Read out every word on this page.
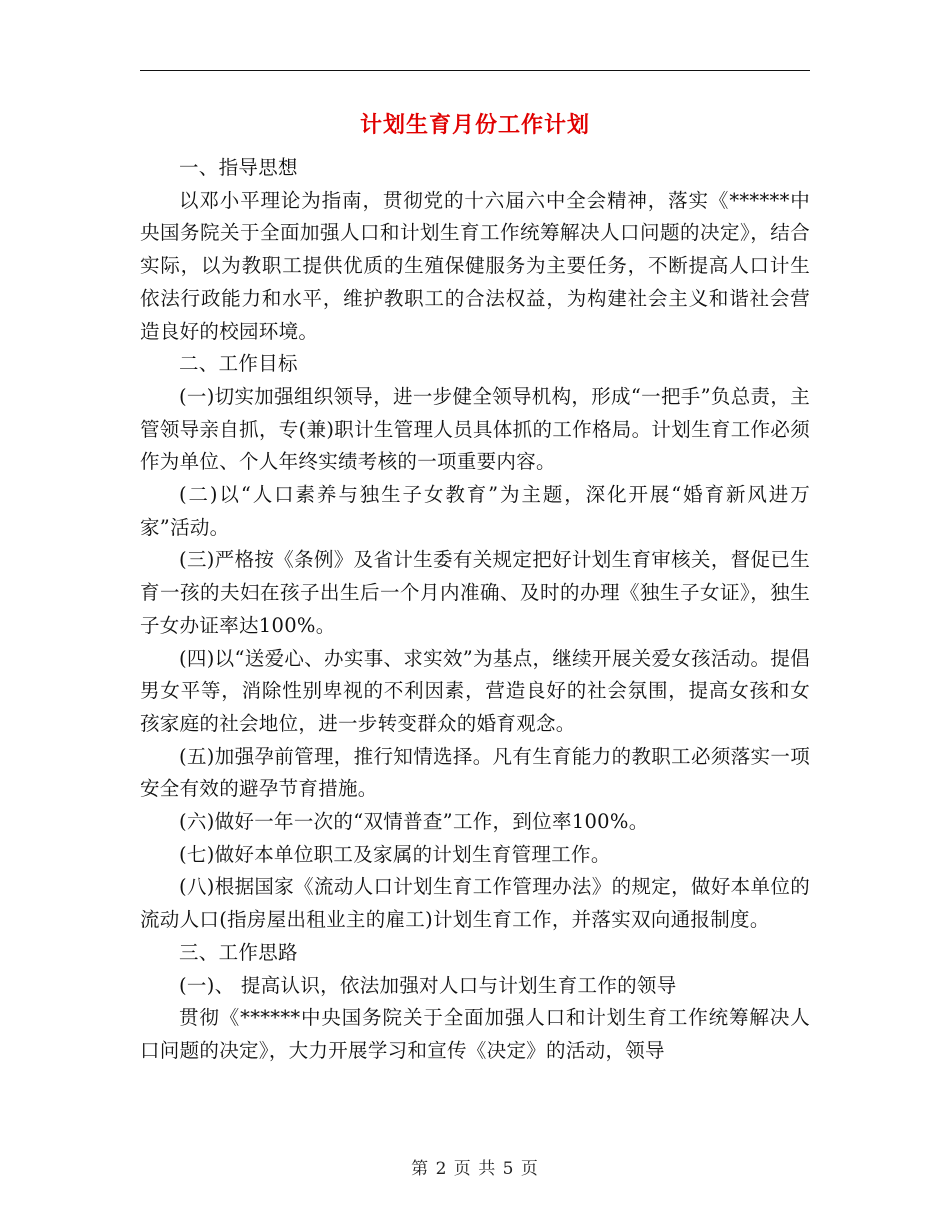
计划生育月份工作计划

一、指导思想

以邓小平理论为指南，贯彻党的十六届六中全会精神，落实《******中央国务院关于全面加强人口和计划生育工作统筹解决人口问题的决定》，结合实际，以为教职工提供优质的生殖保健服务为主要任务，不断提高人口计生依法行政能力和水平，维护教职工的合法权益，为构建社会主义和谐社会营造良好的校园环境。

二、工作目标

(一)切实加强组织领导，进一步健全领导机构，形成“一把手”负总责，主管领导亲自抓，专(兼)职计生管理人员具体抓的工作格局。计划生育工作必须作为单位、个人年终实绩考核的一项重要内容。

(二)以“人口素养与独生子女教育”为主题，深化开展“婚育新风进万家”活动。

(三)严格按《条例》及省计生委有关规定把好计划生育审核关，督促已生育一孩的夫妇在孩子出生后一个月内准确、及时的办理《独生子女证》，独生子女办证率达100%。

(四)以“送爱心、办实事、求实效”为基点，继续开展关爱女孩活动。提倡男女平等，消除性别卑视的不利因素，营造良好的社会氛围，提高女孩和女孩家庭的社会地位，进一步转变群众的婚育观念。

(五)加强孕前管理，推行知情选择。凡有生育能力的教职工必须落实一项安全有效的避孕节育措施。

(六)做好一年一次的“双情普查”工作，到位率100%。

(七)做好本单位职工及家属的计划生育管理工作。

(八)根据国家《流动人口计划生育工作管理办法》的规定，做好本单位的流动人口(指房屋出租业主的雇工)计划生育工作，并落实双向通报制度。

三、工作思路

(一)、 提高认识，依法加强对人口与计划生育工作的领导

贯彻《******中央国务院关于全面加强人口和计划生育工作统筹解决人口问题的决定》，大力开展学习和宣传《决定》的活动，领导

第 2 页 共 5 页
